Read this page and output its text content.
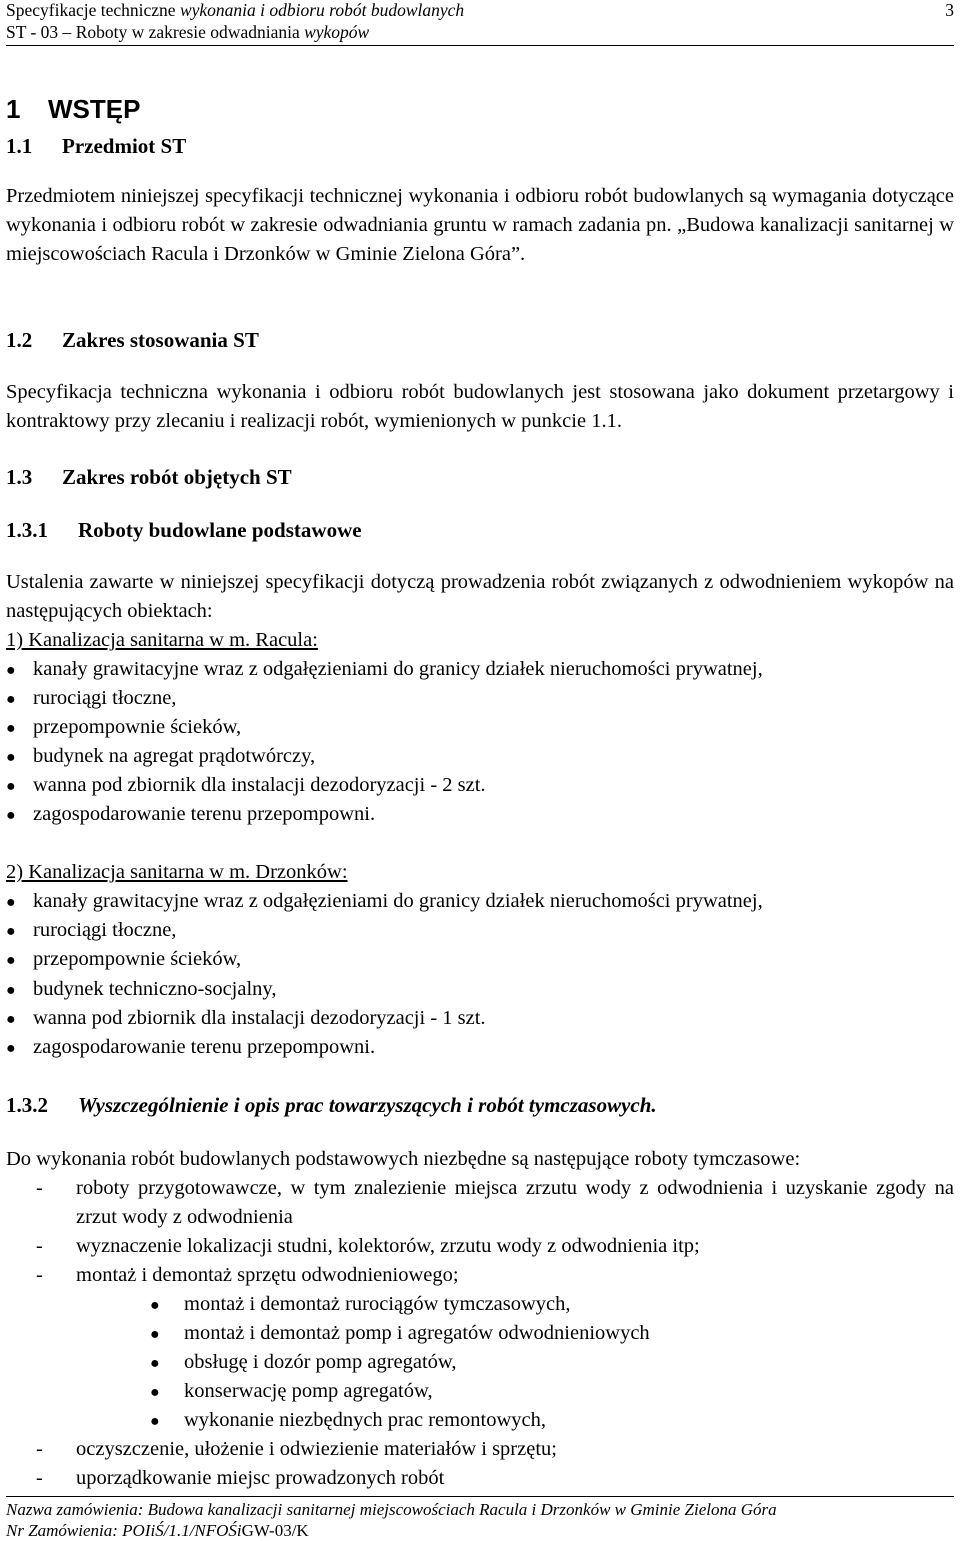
Specyfikacje techniczne wykonania i odbioru robót budowlanych
ST - 03 – Roboty w zakresie odwadniania wykopów
3
1 WSTĘP
1.1 Przedmiot ST
Przedmiotem niniejszej specyfikacji technicznej wykonania i odbioru robót budowlanych są wymagania dotyczące wykonania i odbioru robót w zakresie odwadniania gruntu w ramach zadania pn. „Budowa kanalizacji sanitarnej w miejscowościach Racula i Drzonków w Gminie Zielona Góra”.
1.2 Zakres stosowania ST
Specyfikacja techniczna wykonania i odbioru robót budowlanych jest stosowana jako dokument przetargowy i kontraktowy przy zlecaniu i realizacji robót, wymienionych w punkcie 1.1.
1.3 Zakres robót objętych ST
1.3.1 Roboty budowlane podstawowe
Ustalenia zawarte w niniejszej specyfikacji dotyczą prowadzenia robót związanych z odwodnieniem wykopów na następujących obiektach:
1) Kanalizacja sanitarna w m. Racula:
● kanały grawitacyjne wraz z odgałęzieniami do granicy działek nieruchomości prywatnej,
● rurociągi tłoczne,
● przepompownie ścieków,
● budynek na agregat prądotwórczy,
● wanna pod zbiornik dla instalacji dezodoryzacji - 2 szt.
● zagospodarowanie terenu przepompowni.
2) Kanalizacja sanitarna w m. Drzonków:
● kanały grawitacyjne wraz z odgałęzieniami do granicy działek nieruchomości prywatnej,
● rurociągi tłoczne,
● przepompownie ścieków,
● budynek techniczno-socjalny,
● wanna pod zbiornik dla instalacji dezodoryzacji - 1 szt.
● zagospodarowanie terenu przepompowni.
1.3.2 Wyszczególnienie i opis prac towarzyszących i robót tymczasowych.
Do wykonania robót budowlanych podstawowych niezbędne są następujące roboty tymczasowe:
-	roboty przygotowawcze, w tym znalezienie miejsca zrzutu wody z odwodnienia i uzyskanie zgody na zrzut wody z odwodnienia
-	wyznaczenie lokalizacji studni, kolektorów, zrzutu wody z odwodnienia itp;
-	montaż i demontaż sprzętu odwodnieniowego;
● montaż i demontaż rurociągów tymczasowych,
● montaż i demontaż pomp i agregatów odwodnieniowych
● obsługę i dozór pomp agregatów,
● konserwację pomp agregatów,
● wykonanie niezbędnych prac remontowych,
-	oczyszczenie, ułożenie i odwiezienie materiałów i sprzętu;
-	uporządkowanie miejsc prowadzonych robót
Nazwa zamówienia: Budowa kanalizacji sanitarnej miejscowościach Racula i Drzonków w Gminie Zielona Góra
Nr Zamówienia: POIiŚ/1.1/NFOŚiGW-03/K
